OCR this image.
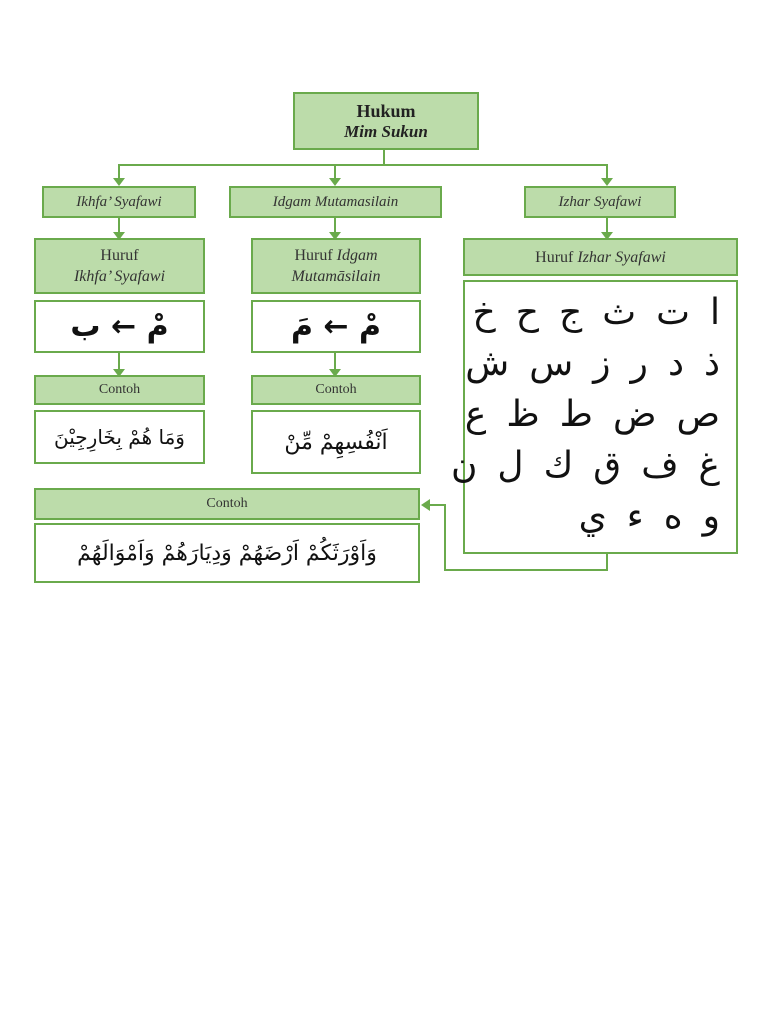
Hukum
Mim Sukun
Ikhfa’ Syafawi	Idgam Mutamasilain	Izhar Syafawi
Huruf
Ikhfa’ Syafawi
Huruf Idgam
Mutamāsilain
Huruf Izhar Syafawi
مْ ← ب	مْ ← مَ	ا
ت
ث
ج
ح
خ
ذ
د
ر
ز
س
ش
ص
ض
ط
ظ
ع
غ
ف
ق
ك
ل
ن
و
ه
ء
ي
Contoh	Contoh
وَمَا هُمْ بِخَارِجِيْنَ	اَنْفُسِهِمْ مِّنْ
Contoh
وَاَوْرَثَكُمْ اَرْضَهُمْ وَدِيَارَهُمْ وَاَمْوَالَهُمْ
